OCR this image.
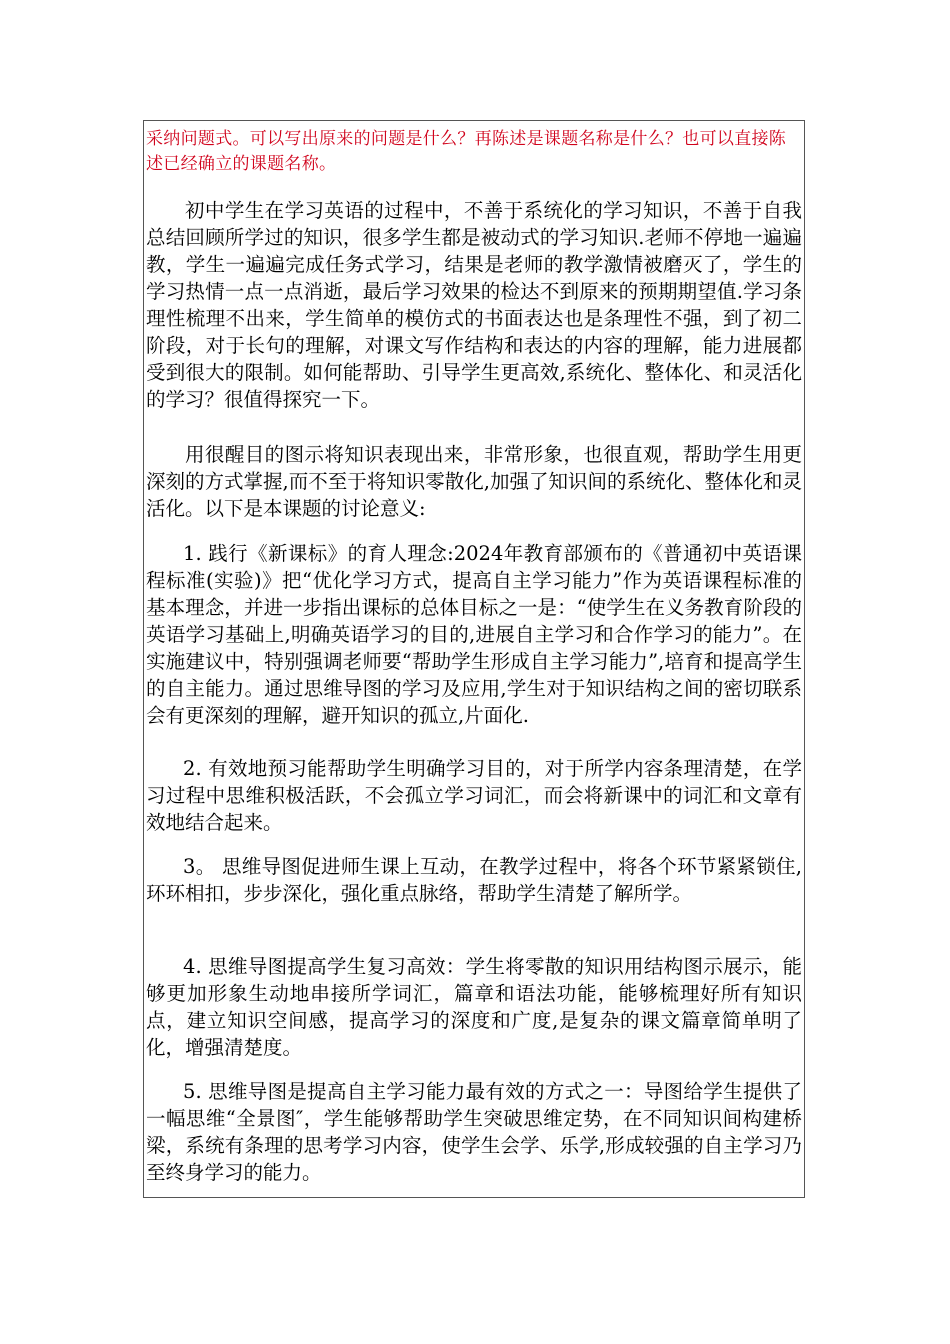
采纳问题式。可以写出原来的问题是什么？再陈述是课题名称是什么？也可以直接陈述已经确立的课题名称。

初中学生在学习英语的过程中，不善于系统化的学习知识，不善于自我总结回顾所学过的知识，很多学生都是被动式的学习知识.老师不停地一遍遍教，学生一遍遍完成任务式学习，结果是老师的教学激情被磨灭了，学生的学习热情一点一点消逝，最后学习效果的检达不到原来的预期期望值.学习条理性梳理不出来，学生简单的模仿式的书面表达也是条理性不强，到了初二阶段，对于长句的理解，对课文写作结构和表达的内容的理解，能力进展都受到很大的限制。如何能帮助、引导学生更高效,系统化、整体化、和灵活化的学习？很值得探究一下。

用很醒目的图示将知识表现出来，非常形象，也很直观，帮助学生用更深刻的方式掌握,而不至于将知识零散化,加强了知识间的系统化、整体化和灵活化。以下是本课题的讨论意义:

1. 践行《新课标》的育人理念:2024年教育部颁布的《普通初中英语课程标准(实验)》把“优化学习方式，提高自主学习能力”作为英语课程标准的基本理念，并进一步指出课标的总体目标之一是：“使学生在义务教育阶段的英语学习基础上,明确英语学习的目的,进展自主学习和合作学习的能力”。在实施建议中，特别强调老师要“帮助学生形成自主学习能力”,培育和提高学生的自主能力。通过思维导图的学习及应用,学生对于知识结构之间的密切联系会有更深刻的理解，避开知识的孤立,片面化.

2. 有效地预习能帮助学生明确学习目的，对于所学内容条理清楚，在学习过程中思维积极活跃，不会孤立学习词汇，而会将新课中的词汇和文章有效地结合起来。

3。 思维导图促进师生课上互动，在教学过程中，将各个环节紧紧锁住,环环相扣，步步深化，强化重点脉络，帮助学生清楚了解所学。

4. 思维导图提高学生复习高效：学生将零散的知识用结构图示展示，能够更加形象生动地串接所学词汇，篇章和语法功能，能够梳理好所有知识点，建立知识空间感，提高学习的深度和广度,是复杂的课文篇章简单明了化，增强清楚度。

5. 思维导图是提高自主学习能力最有效的方式之一：导图给学生提供了一幅思维“全景图″，学生能够帮助学生突破思维定势，在不同知识间构建桥梁，系统有条理的思考学习内容，使学生会学、乐学,形成较强的自主学习乃至终身学习的能力。
